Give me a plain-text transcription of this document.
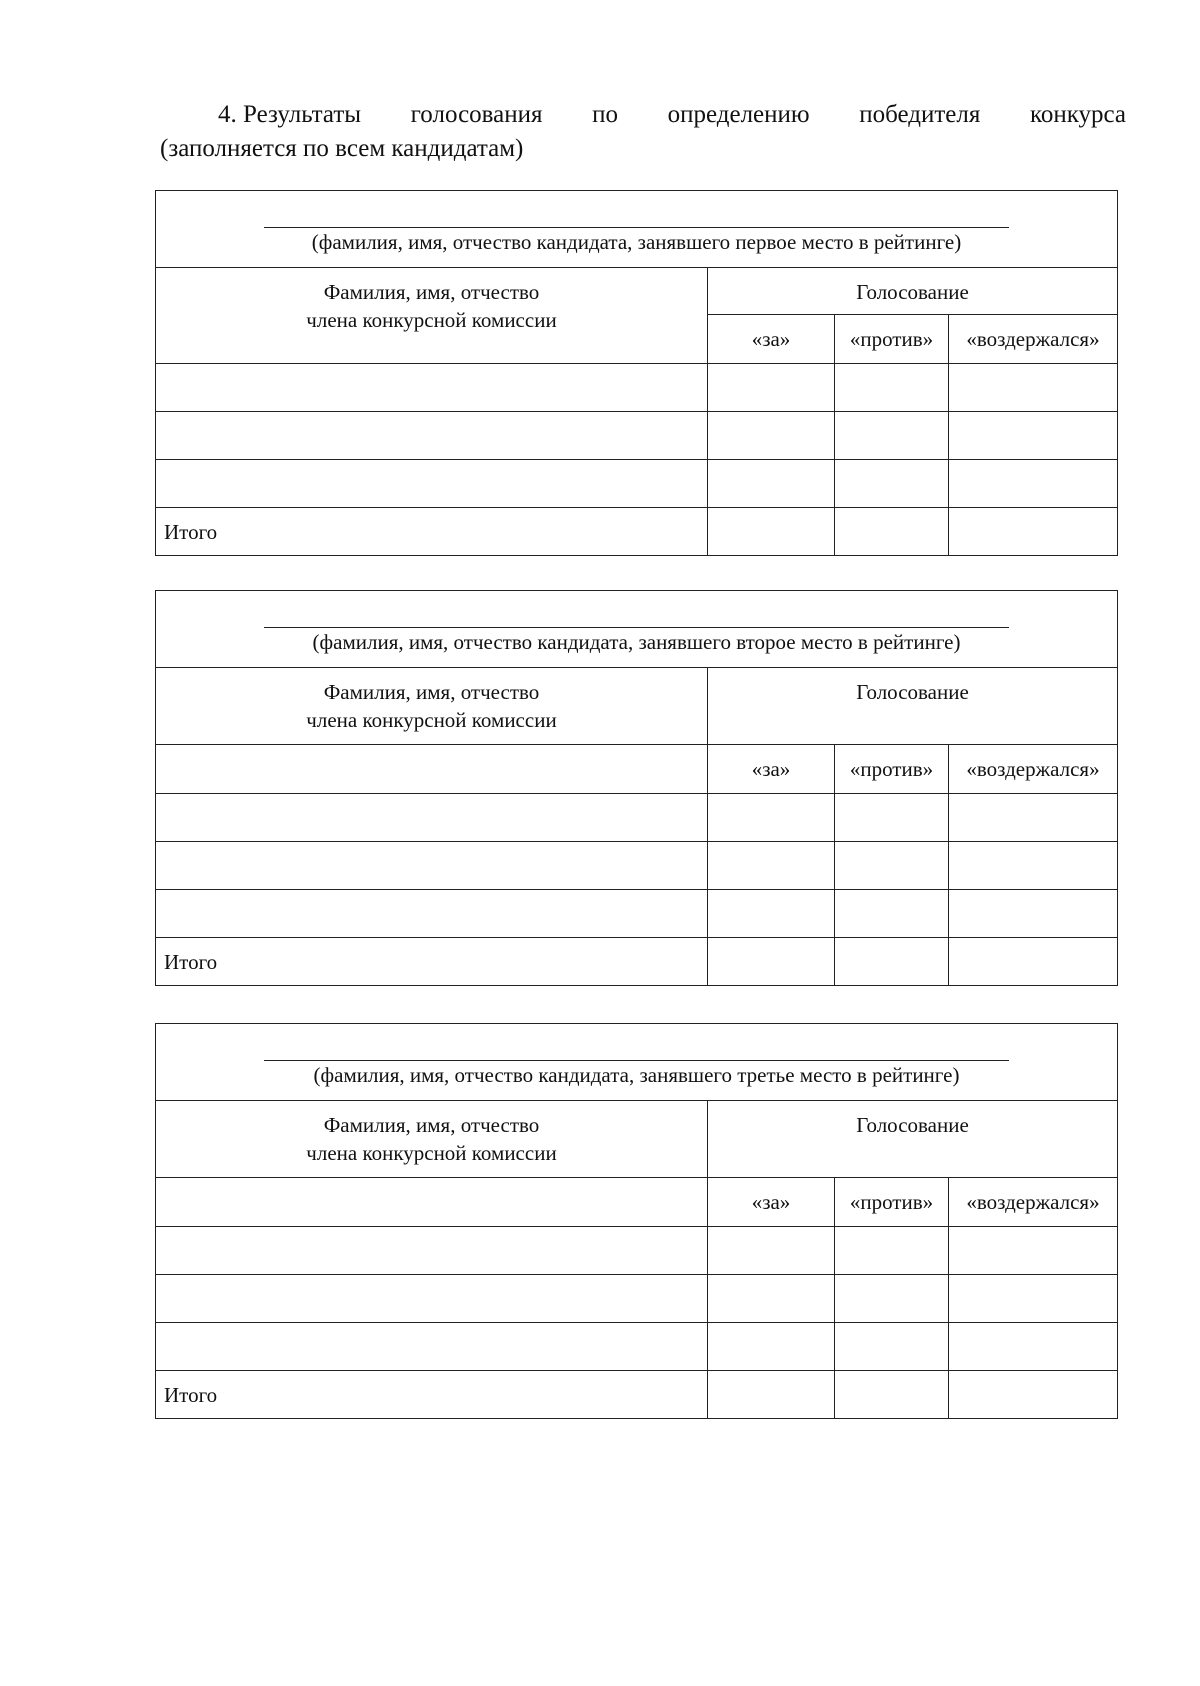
4. Результаты голосования по определению победителя конкурса
(заполняется по всем кандидатам)
(фамилия, имя, отчество кандидата, занявшего первое место в рейтинге)			

Фамилия, имя, отчество
члена конкурсной комиссии	Голосование		
	«за»	«против»	«воздержался»

Итого			
(фамилия, имя, отчество кандидата, занявшего второе место в рейтинге)			

Фамилия, имя, отчество
члена конкурсной комиссии	Голосование		
	«за»	«против»	«воздержался»

Итого			
(фамилия, имя, отчество кандидата, занявшего третье место в рейтинге)			

Фамилия, имя, отчество
члена конкурсной комиссии	Голосование		
	«за»	«против»	«воздержался»

Итого			
